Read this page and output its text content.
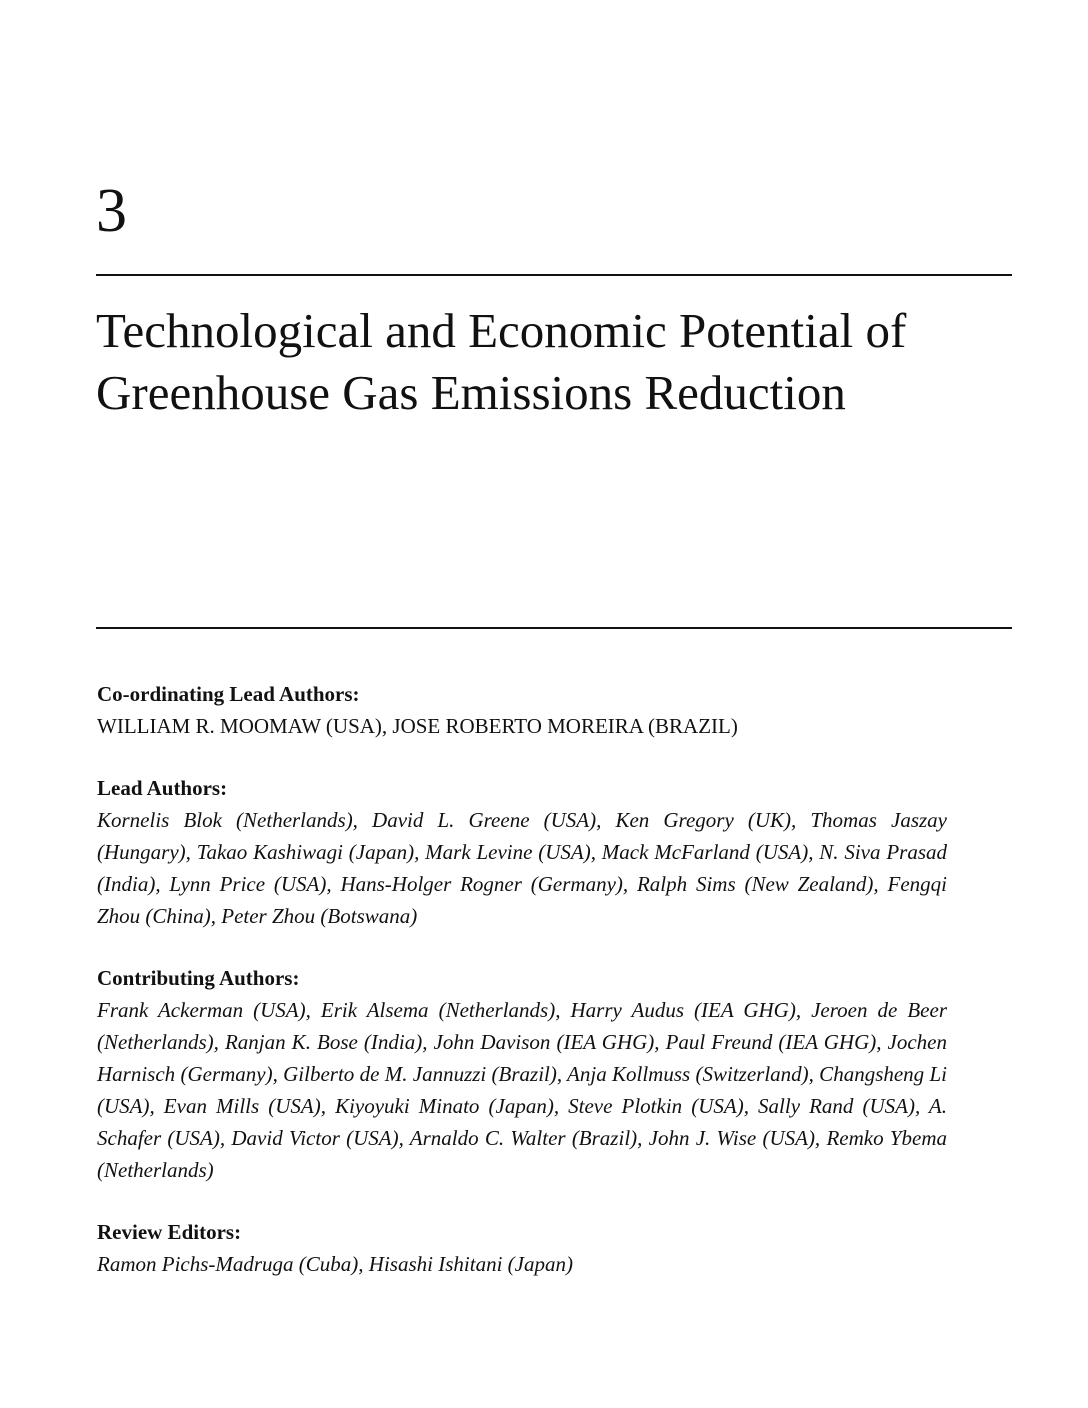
3
Technological and Economic Potential of
Greenhouse Gas Emissions Reduction

Co-ordinating Lead Authors:

WILLIAM R. MOOMAW (USA), JOSE ROBERTO MOREIRA (BRAZIL)

Lead Authors:

Kornelis Blok (Netherlands), David L. Greene (USA), Ken Gregory (UK), Thomas Jaszay (Hungary), Takao Kashiwagi (Japan), Mark Levine (USA), Mack McFarland (USA), N. Siva Prasad (India), Lynn Price (USA), Hans-Holger Rogner (Germany), Ralph Sims (New Zealand), Fengqi Zhou (China), Peter Zhou (Botswana)

Contributing Authors:

Frank Ackerman (USA), Erik Alsema (Netherlands), Harry Audus (IEA GHG), Jeroen de Beer (Netherlands), Ranjan K. Bose (India), John Davison (IEA GHG), Paul Freund (IEA GHG), Jochen Harnisch (Germany), Gilberto de M. Jannuzzi (Brazil), Anja Kollmuss (Switzerland), Changsheng Li (USA), Evan Mills (USA), Kiyoyuki Minato (Japan), Steve Plotkin (USA), Sally Rand (USA), A. Schafer (USA), David Victor (USA), Arnaldo C. Walter (Brazil), John J. Wise (USA), Remko Ybema (Netherlands)

Review Editors:

Ramon Pichs-Madruga (Cuba), Hisashi Ishitani (Japan)
